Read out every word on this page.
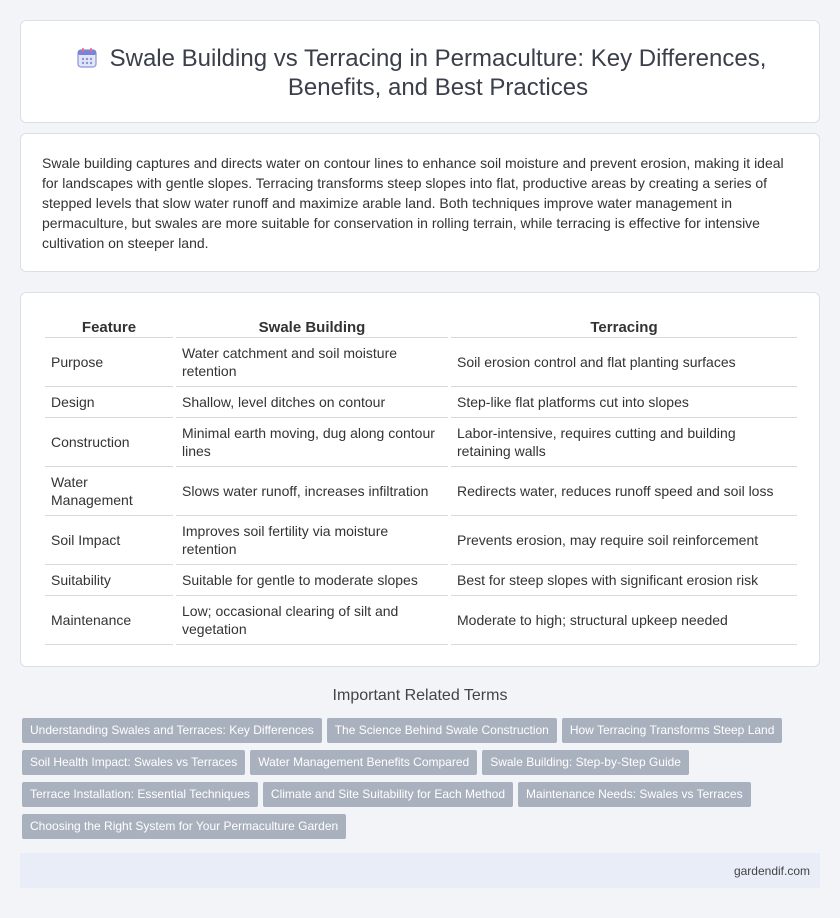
Swale Building vs Terracing in Permaculture: Key Differences, Benefits, and Best Practices

Swale building captures and directs water on contour lines to enhance soil moisture and prevent erosion, making it ideal for landscapes with gentle slopes. Terracing transforms steep slopes into flat, productive areas by creating a series of stepped levels that slow water runoff and maximize arable land. Both techniques improve water management in permaculture, but swales are more suitable for conservation in rolling terrain, while terracing is effective for intensive cultivation on steeper land.

Feature	Swale Building	Terracing
Purpose	Water catchment and soil moisture retention	Soil erosion control and flat planting surfaces
Design	Shallow, level ditches on contour	Step-like flat platforms cut into slopes
Construction	Minimal earth moving, dug along contour lines	Labor-intensive, requires cutting and building retaining walls
Water Management	Slows water runoff, increases infiltration	Redirects water, reduces runoff speed and soil loss
Soil Impact	Improves soil fertility via moisture retention	Prevents erosion, may require soil reinforcement
Suitability	Suitable for gentle to moderate slopes	Best for steep slopes with significant erosion risk
Maintenance	Low; occasional clearing of silt and vegetation	Moderate to high; structural upkeep needed
Important Related Terms
Understanding Swales and Terraces: Key Differences The Science Behind Swale Construction How Terracing Transforms Steep Land
Soil Health Impact: Swales vs Terraces Water Management Benefits Compared Swale Building: Step-by-Step Guide
Terrace Installation: Essential Techniques Climate and Site Suitability for Each Method Maintenance Needs: Swales vs Terraces
Choosing the Right System for Your Permaculture Garden
gardendif.com
